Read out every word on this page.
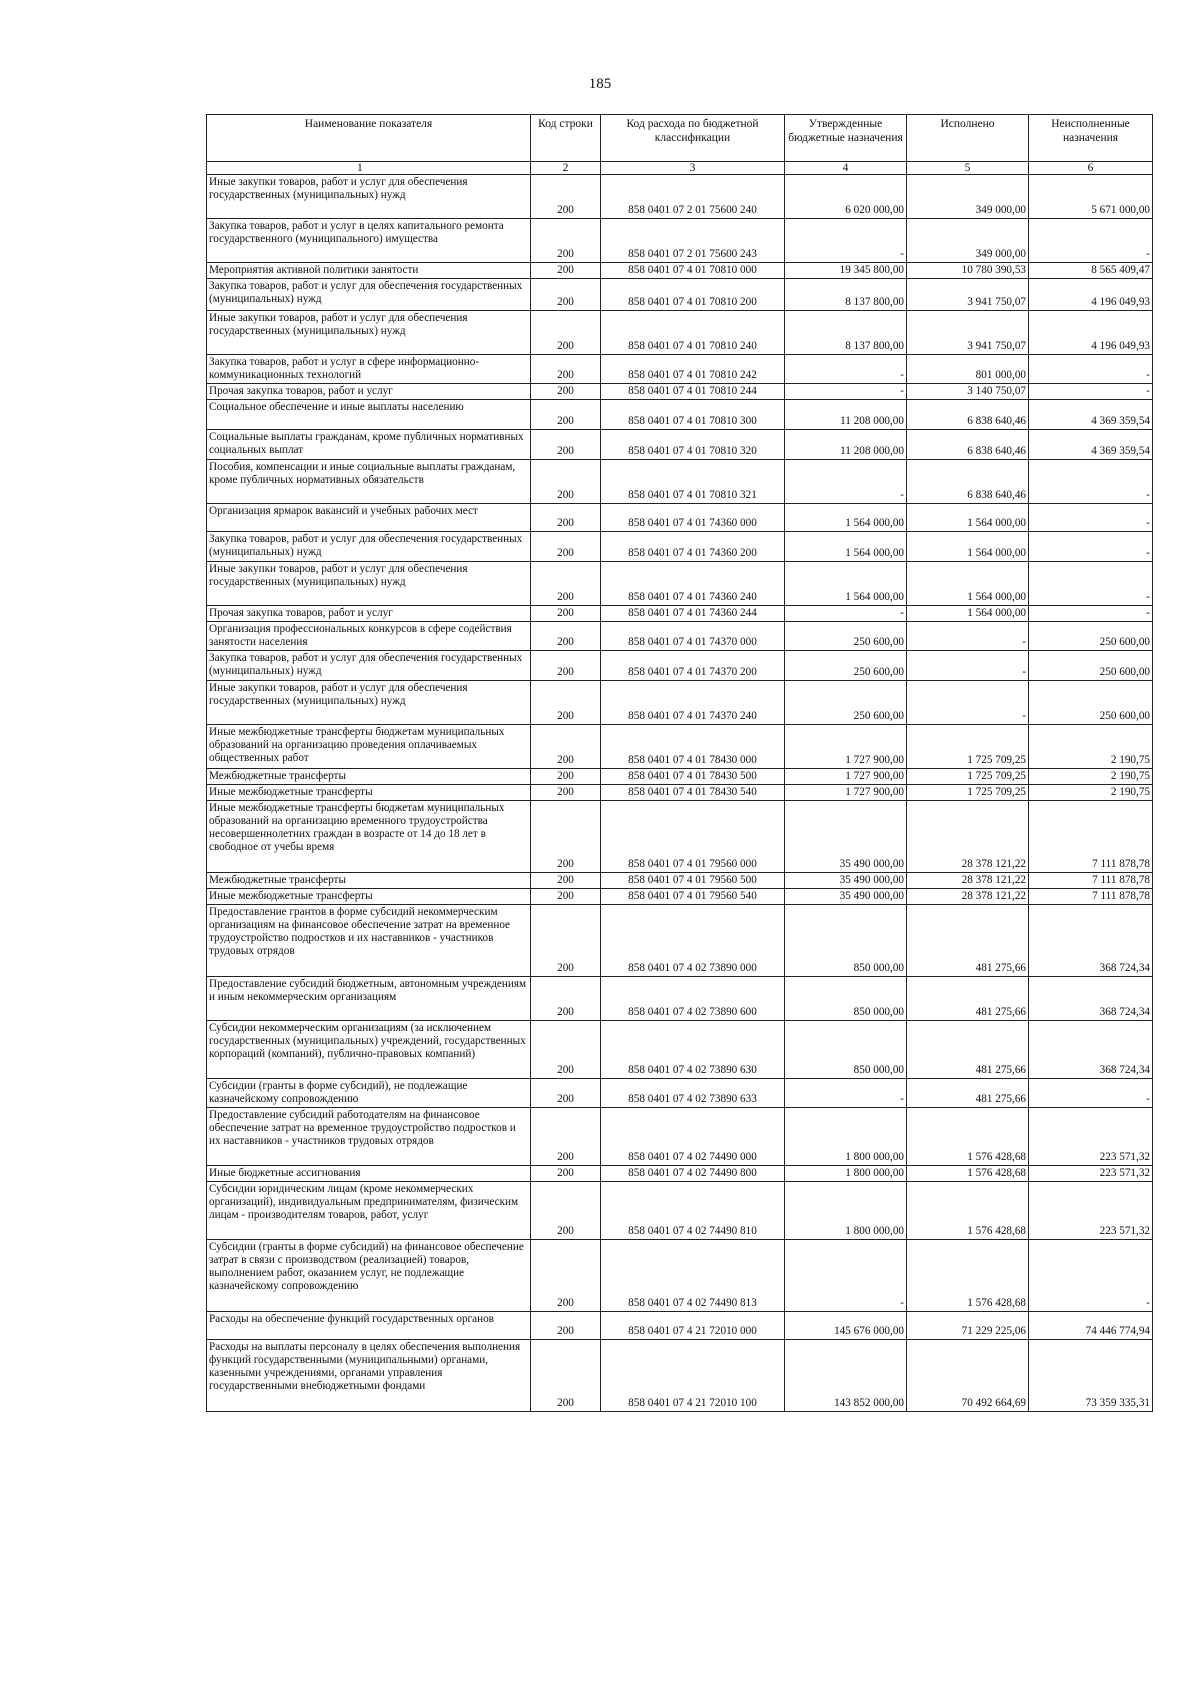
185
Наименование показателя	Код строки	Код расхода по бюджетной классификации	Утвержденные бюджетные назначения	Исполнено	Неисполненные назначения
1	2	3	4	5	6
Иные закупки товаров, работ и услуг для обеспечения государственных (муниципальных) нужд	200	858 0401 07 2 01 75600 240	6 020 000,00	349 000,00	5 671 000,00
Закупка товаров, работ и услуг в целях капитального ремонта государственного (муниципального) имущества	200	858 0401 07 2 01 75600 243	-	349 000,00	-
Мероприятия активной политики занятости	200	858 0401 07 4 01 70810 000	19 345 800,00	10 780 390,53	8 565 409,47
Закупка товаров, работ и услуг для обеспечения государственных (муниципальных) нужд	200	858 0401 07 4 01 70810 200	8 137 800,00	3 941 750,07	4 196 049,93
Иные закупки товаров, работ и услуг для обеспечения государственных (муниципальных) нужд	200	858 0401 07 4 01 70810 240	8 137 800,00	3 941 750,07	4 196 049,93
Закупка товаров, работ и услуг в сфере информационно-коммуникационных технологий	200	858 0401 07 4 01 70810 242	-	801 000,00	-
Прочая закупка товаров, работ и услуг	200	858 0401 07 4 01 70810 244	-	3 140 750,07	-
Социальное обеспечение и иные выплаты населению	200	858 0401 07 4 01 70810 300	11 208 000,00	6 838 640,46	4 369 359,54
Социальные выплаты гражданам, кроме публичных нормативных социальных выплат	200	858 0401 07 4 01 70810 320	11 208 000,00	6 838 640,46	4 369 359,54
Пособия, компенсации и иные социальные выплаты гражданам, кроме публичных нормативных обязательств	200	858 0401 07 4 01 70810 321	-	6 838 640,46	-
Организация ярмарок вакансий и учебных рабочих мест	200	858 0401 07 4 01 74360 000	1 564 000,00	1 564 000,00	-
Закупка товаров, работ и услуг для обеспечения государственных (муниципальных) нужд	200	858 0401 07 4 01 74360 200	1 564 000,00	1 564 000,00	-
Иные закупки товаров, работ и услуг для обеспечения государственных (муниципальных) нужд	200	858 0401 07 4 01 74360 240	1 564 000,00	1 564 000,00	-
Прочая закупка товаров, работ и услуг	200	858 0401 07 4 01 74360 244	-	1 564 000,00	-
Организация профессиональных конкурсов в сфере содействия занятости населения	200	858 0401 07 4 01 74370 000	250 600,00	-	250 600,00
Закупка товаров, работ и услуг для обеспечения государственных (муниципальных) нужд	200	858 0401 07 4 01 74370 200	250 600,00	-	250 600,00
Иные закупки товаров, работ и услуг для обеспечения государственных (муниципальных) нужд	200	858 0401 07 4 01 74370 240	250 600,00	-	250 600,00
Иные межбюджетные трансферты бюджетам муниципальных образований на организацию проведения оплачиваемых общественных работ	200	858 0401 07 4 01 78430 000	1 727 900,00	1 725 709,25	2 190,75
Межбюджетные трансферты	200	858 0401 07 4 01 78430 500	1 727 900,00	1 725 709,25	2 190,75
Иные межбюджетные трансферты	200	858 0401 07 4 01 78430 540	1 727 900,00	1 725 709,25	2 190,75
Иные межбюджетные трансферты бюджетам муниципальных образований на организацию временного трудоустройства несовершеннолетних граждан в возрасте от 14 до 18 лет в свободное от учебы время	200	858 0401 07 4 01 79560 000	35 490 000,00	28 378 121,22	7 111 878,78
Межбюджетные трансферты	200	858 0401 07 4 01 79560 500	35 490 000,00	28 378 121,22	7 111 878,78
Иные межбюджетные трансферты	200	858 0401 07 4 01 79560 540	35 490 000,00	28 378 121,22	7 111 878,78
Предоставление грантов в форме субсидий некоммерческим организациям на финансовое обеспечение затрат на временное трудоустройство подростков и их наставников - участников трудовых отрядов	200	858 0401 07 4 02 73890 000	850 000,00	481 275,66	368 724,34
Предоставление субсидий бюджетным, автономным учреждениям и иным некоммерческим организациям	200	858 0401 07 4 02 73890 600	850 000,00	481 275,66	368 724,34
Субсидии некоммерческим организациям (за исключением государственных (муниципальных) учреждений, государственных корпораций (компаний), публично-правовых компаний)	200	858 0401 07 4 02 73890 630	850 000,00	481 275,66	368 724,34
Субсидии (гранты в форме субсидий), не подлежащие казначейскому сопровождению	200	858 0401 07 4 02 73890 633	-	481 275,66	-
Предоставление субсидий работодателям на финансовое обеспечение затрат на временное трудоустройство подростков и их наставников - участников трудовых отрядов	200	858 0401 07 4 02 74490 000	1 800 000,00	1 576 428,68	223 571,32
Иные бюджетные ассигнования	200	858 0401 07 4 02 74490 800	1 800 000,00	1 576 428,68	223 571,32
Субсидии юридическим лицам (кроме некоммерческих организаций), индивидуальным предпринимателям, физическим лицам - производителям товаров, работ, услуг	200	858 0401 07 4 02 74490 810	1 800 000,00	1 576 428,68	223 571,32
Субсидии (гранты в форме субсидий) на финансовое обеспечение затрат в связи с производством (реализацией) товаров, выполнением работ, оказанием услуг, не подлежащие казначейскому сопровождению	200	858 0401 07 4 02 74490 813	-	1 576 428,68	-
Расходы на обеспечение функций государственных органов	200	858 0401 07 4 21 72010 000	145 676 000,00	71 229 225,06	74 446 774,94
Расходы на выплаты персоналу в целях обеспечения выполнения функций государственными (муниципальными) органами, казенными учреждениями, органами управления государственными внебюджетными фондами	200	858 0401 07 4 21 72010 100	143 852 000,00	70 492 664,69	73 359 335,31
